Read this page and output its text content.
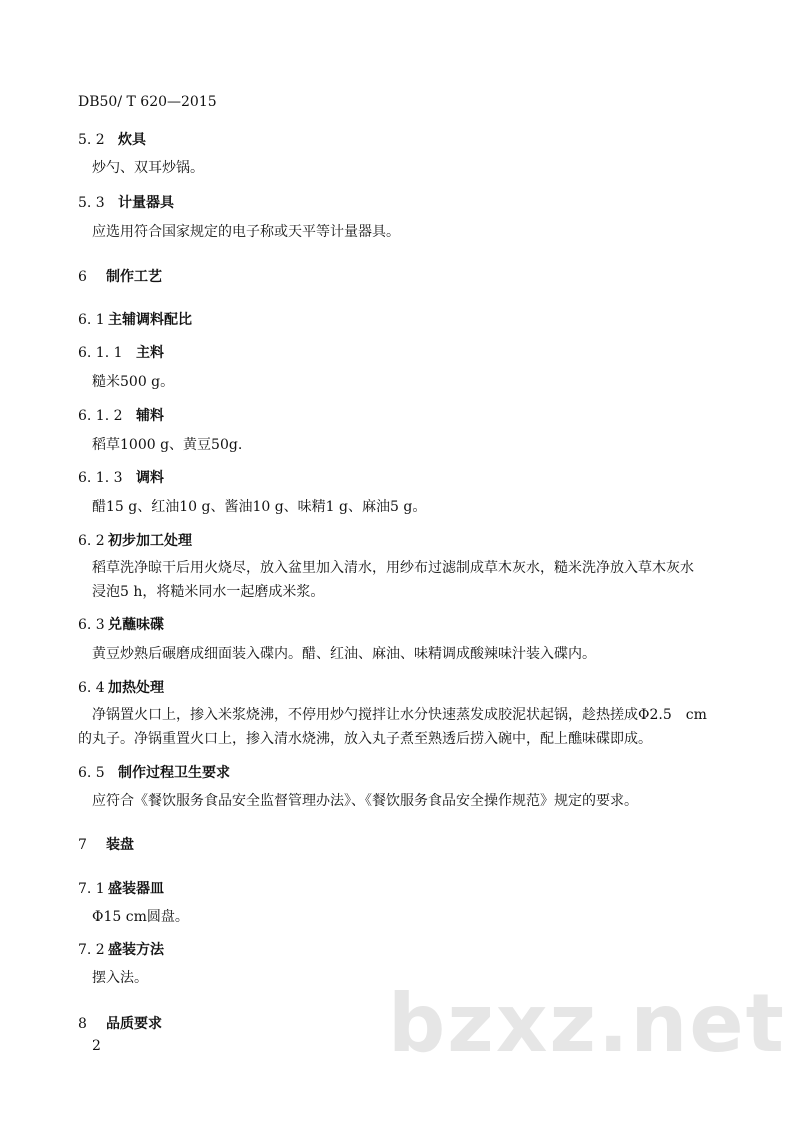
DB50/ T 620—2015
5. 2 炊具
炒勺、双耳炒锅。
5. 3 计量器具
应选用符合国家规定的电子称或天平等计量器具。
6 制作工艺
6. 1 主辅调料配比
6. 1. 1 主料
糙米500 g。
6. 1. 2 辅料
稻草1000 g、黄豆50g.
6. 1. 3 调料
醋15 g、红油10 g、酱油10 g、味精1 g、麻油5 g。
6. 2 初步加工处理
稻草洗净晾干后用火烧尽，放入盆里加入清水，用纱布过滤制成草木灰水，糙米洗净放入草木灰水浸泡5 h，将糙米同水一起磨成米浆。
6. 3 兑蘸味碟
黄豆炒熟后碾磨成细面装入碟内。醋、红油、麻油、味精调成酸辣味汁装入碟内。
6. 4 加热处理
净锅置火口上，掺入米浆烧沸，不停用炒勺搅拌让水分快速蒸发成胶泥状起锅，趁热搓成Φ2.5　cm的丸子。净锅重置火口上，掺入清水烧沸，放入丸子煮至熟透后捞入碗中，配上醮味碟即成。
6. 5 制作过程卫生要求
应符合《餐饮服务食品安全监督管理办法》、《餐饮服务食品安全操作规范》规定的要求。
7 装盘
7. 1 盛装器皿
Φ15 cm圆盘。
7. 2 盛装方法
摆入法。	bzxz.net
8 品质要求
2
